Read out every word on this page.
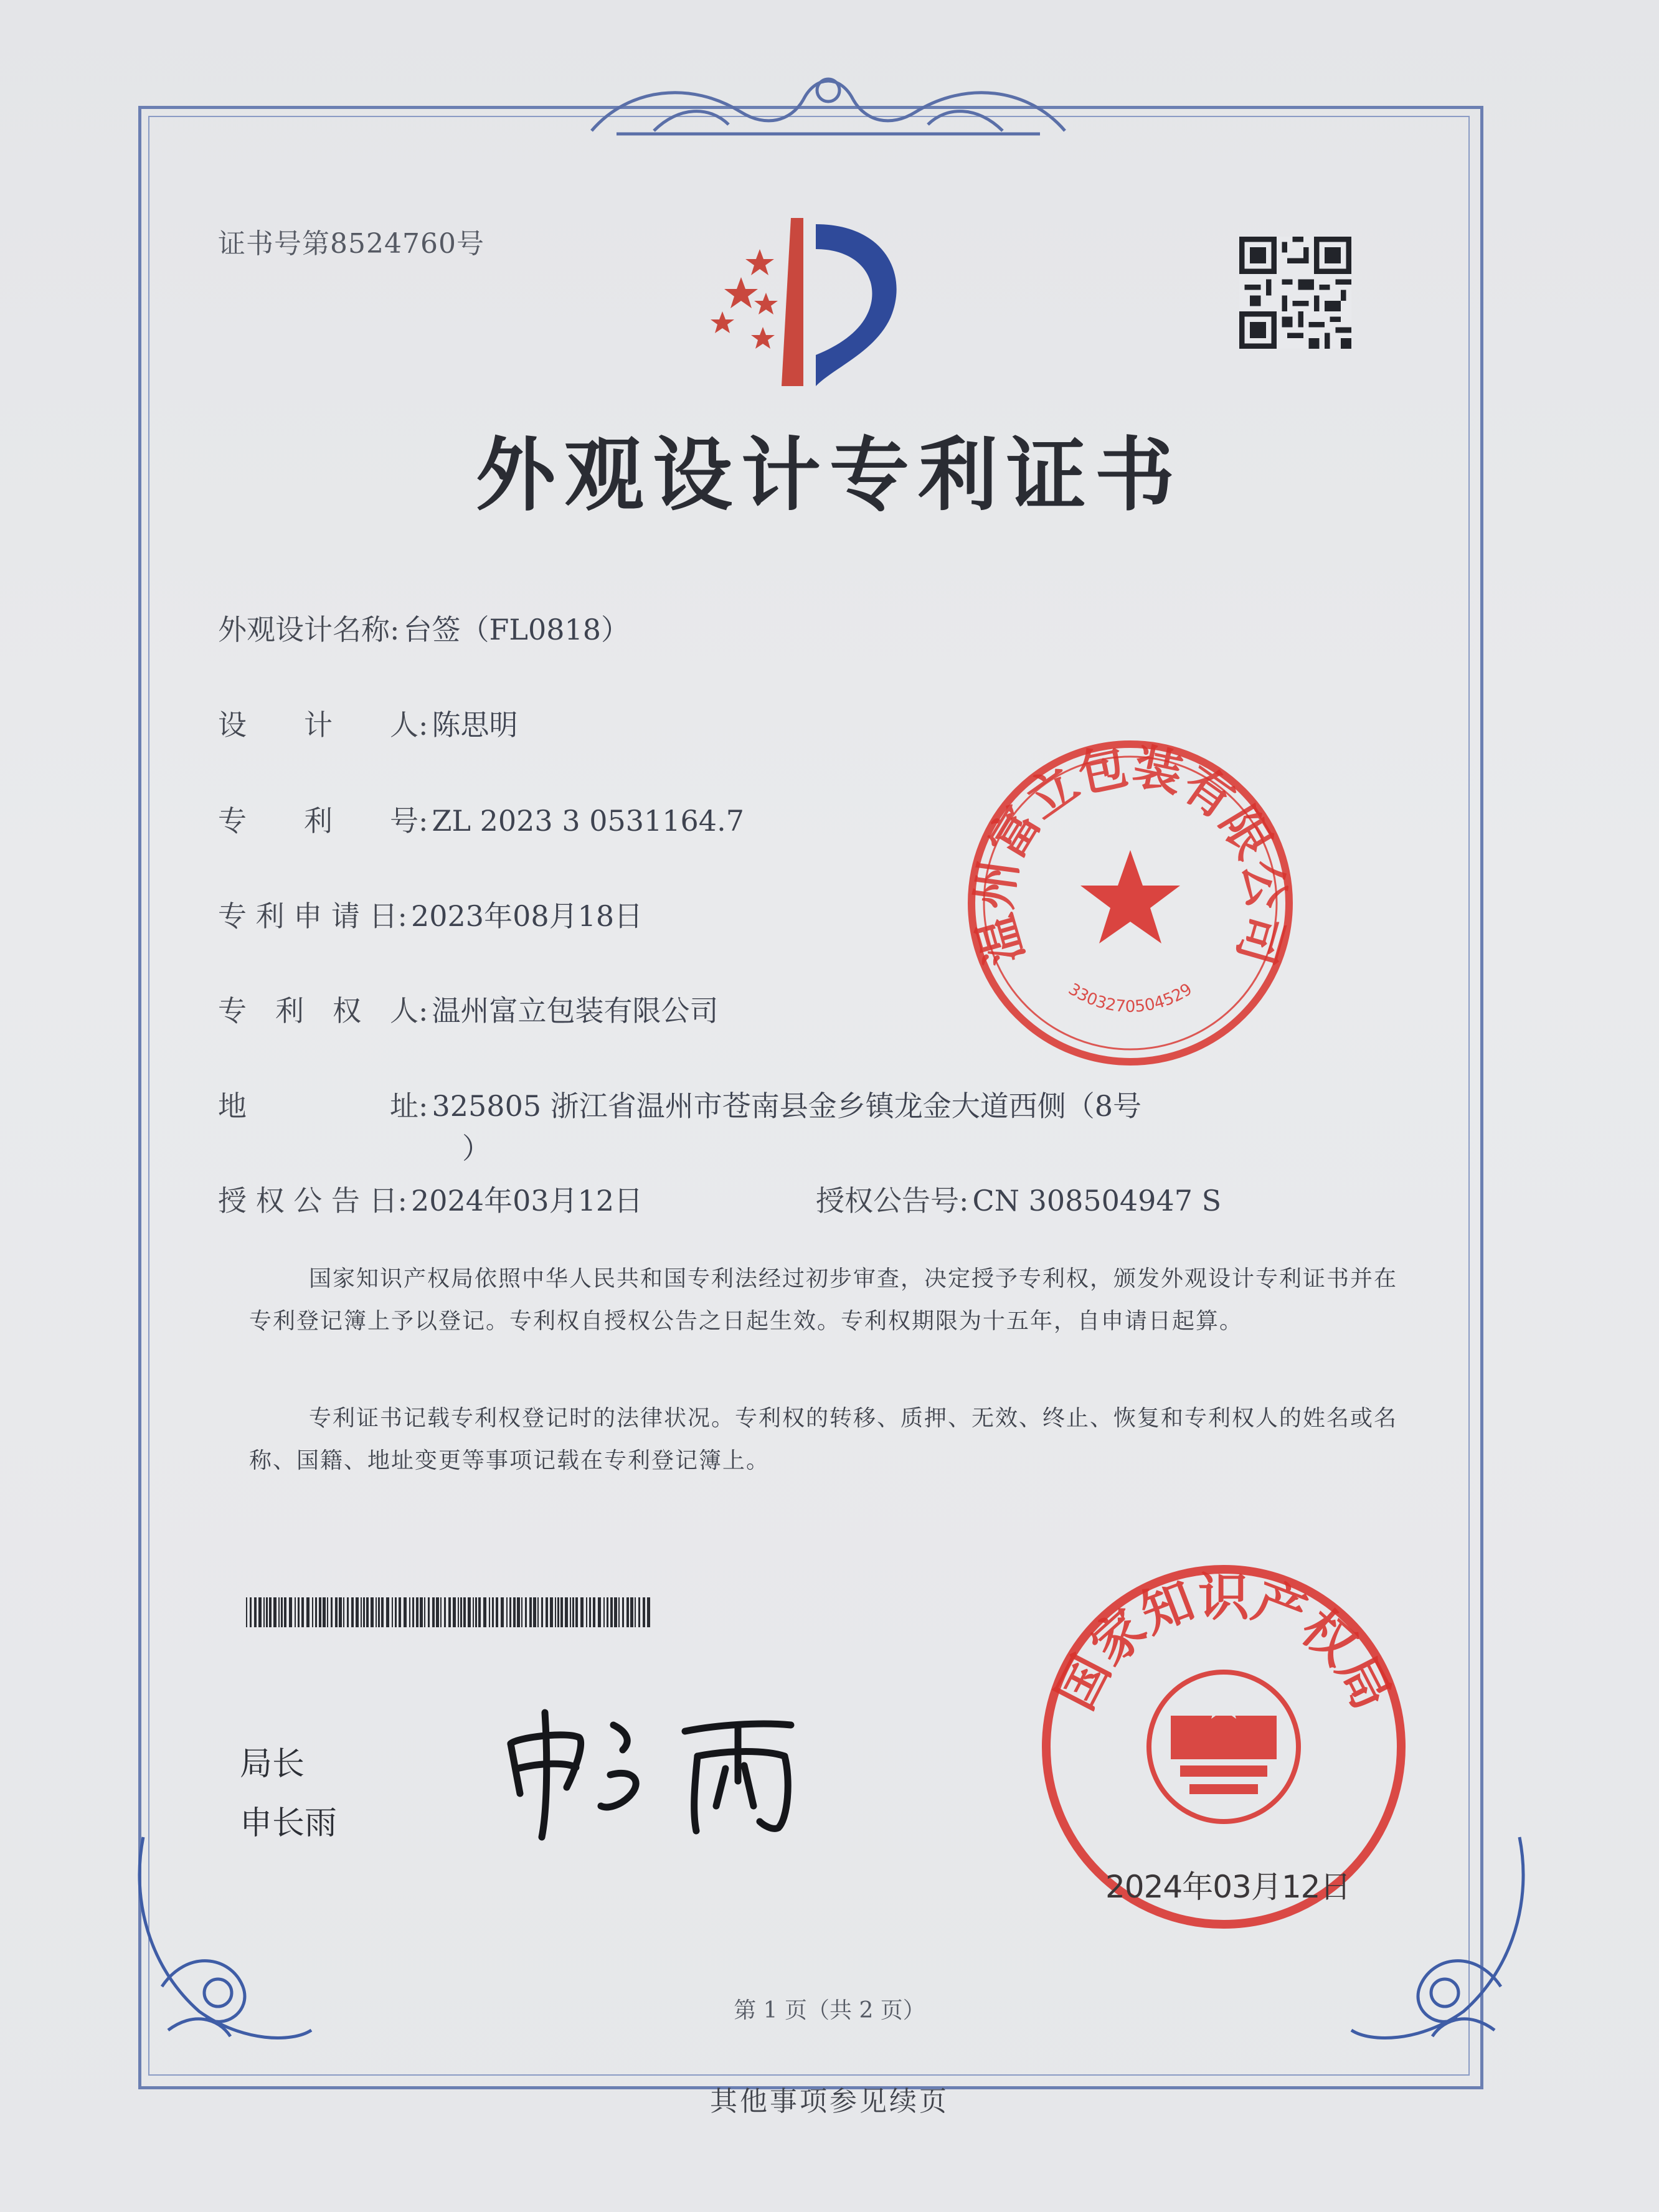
证书号第8524760号
外观设计专利证书
外观设计名称: 台签（FL0818）
设　　计　　人: 陈思明
专　　利　　号: ZL 2023 3 0531164.7
专 利 申 请 日: 2023年08月18日
专　利　权　人: 温州富立包装有限公司
地　　　　　址: 325805 浙江省温州市苍南县金乡镇龙金大道西侧（8号
）
授 权 公 告 日: 2024年03月12日	授权公告号: CN 308504947 S
国家知识产权局依照中华人民共和国专利法经过初步审查，决定授予专利权，颁发外观设计专利证书并在专利登记簿上予以登记。专利权自授权公告之日起生效。专利权期限为十五年，自申请日起算。
专利证书记载专利权登记时的法律状况。专利权的转移、质押、无效、终止、恢复和专利权人的姓名或名称、国籍、地址变更等事项记载在专利登记簿上。
局长
申长雨
温州富立包装有限公司
3303270504529
国家知识产权局
2024年03月12日
第 1 页（共 2 页）
其他事项参见续页
